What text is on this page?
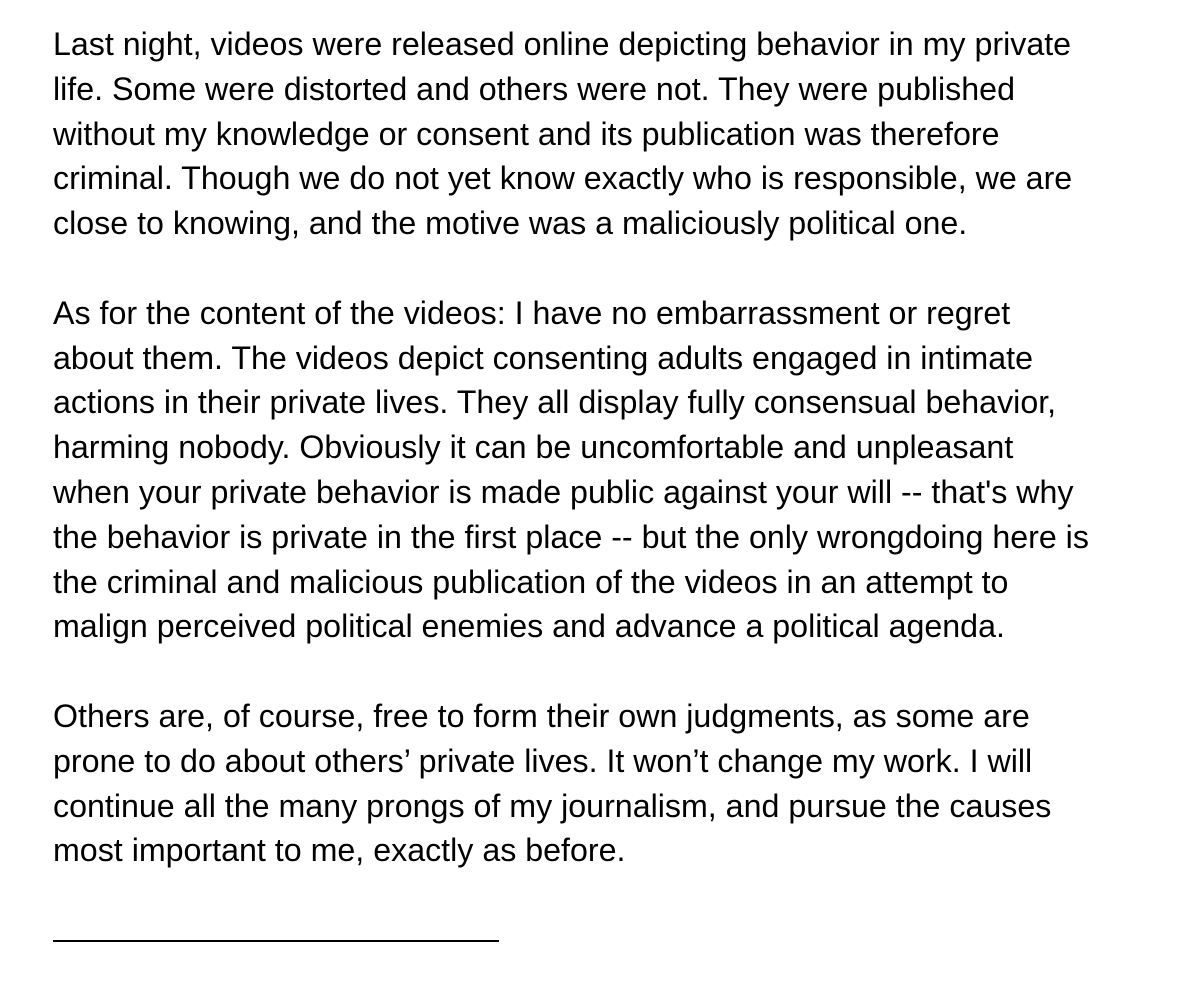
Last night, videos were released online depicting behavior in my private
life. Some were distorted and others were not. They were published
without my knowledge or consent and its publication was therefore
criminal. Though we do not yet know exactly who is responsible, we are
close to knowing, and the motive was a maliciously political one.

As for the content of the videos: I have no embarrassment or regret
about them. The videos depict consenting adults engaged in intimate
actions in their private lives. They all display fully consensual behavior,
harming nobody. Obviously it can be uncomfortable and unpleasant
when your private behavior is made public against your will -- that's why
the behavior is private in the first place -- but the only wrongdoing here is
the criminal and malicious publication of the videos in an attempt to
malign perceived political enemies and advance a political agenda.

Others are, of course, free to form their own judgments, as some are
prone to do about others’ private lives. It won’t change my work. I will
continue all the many prongs of my journalism, and pursue the causes
most important to me, exactly as before.
